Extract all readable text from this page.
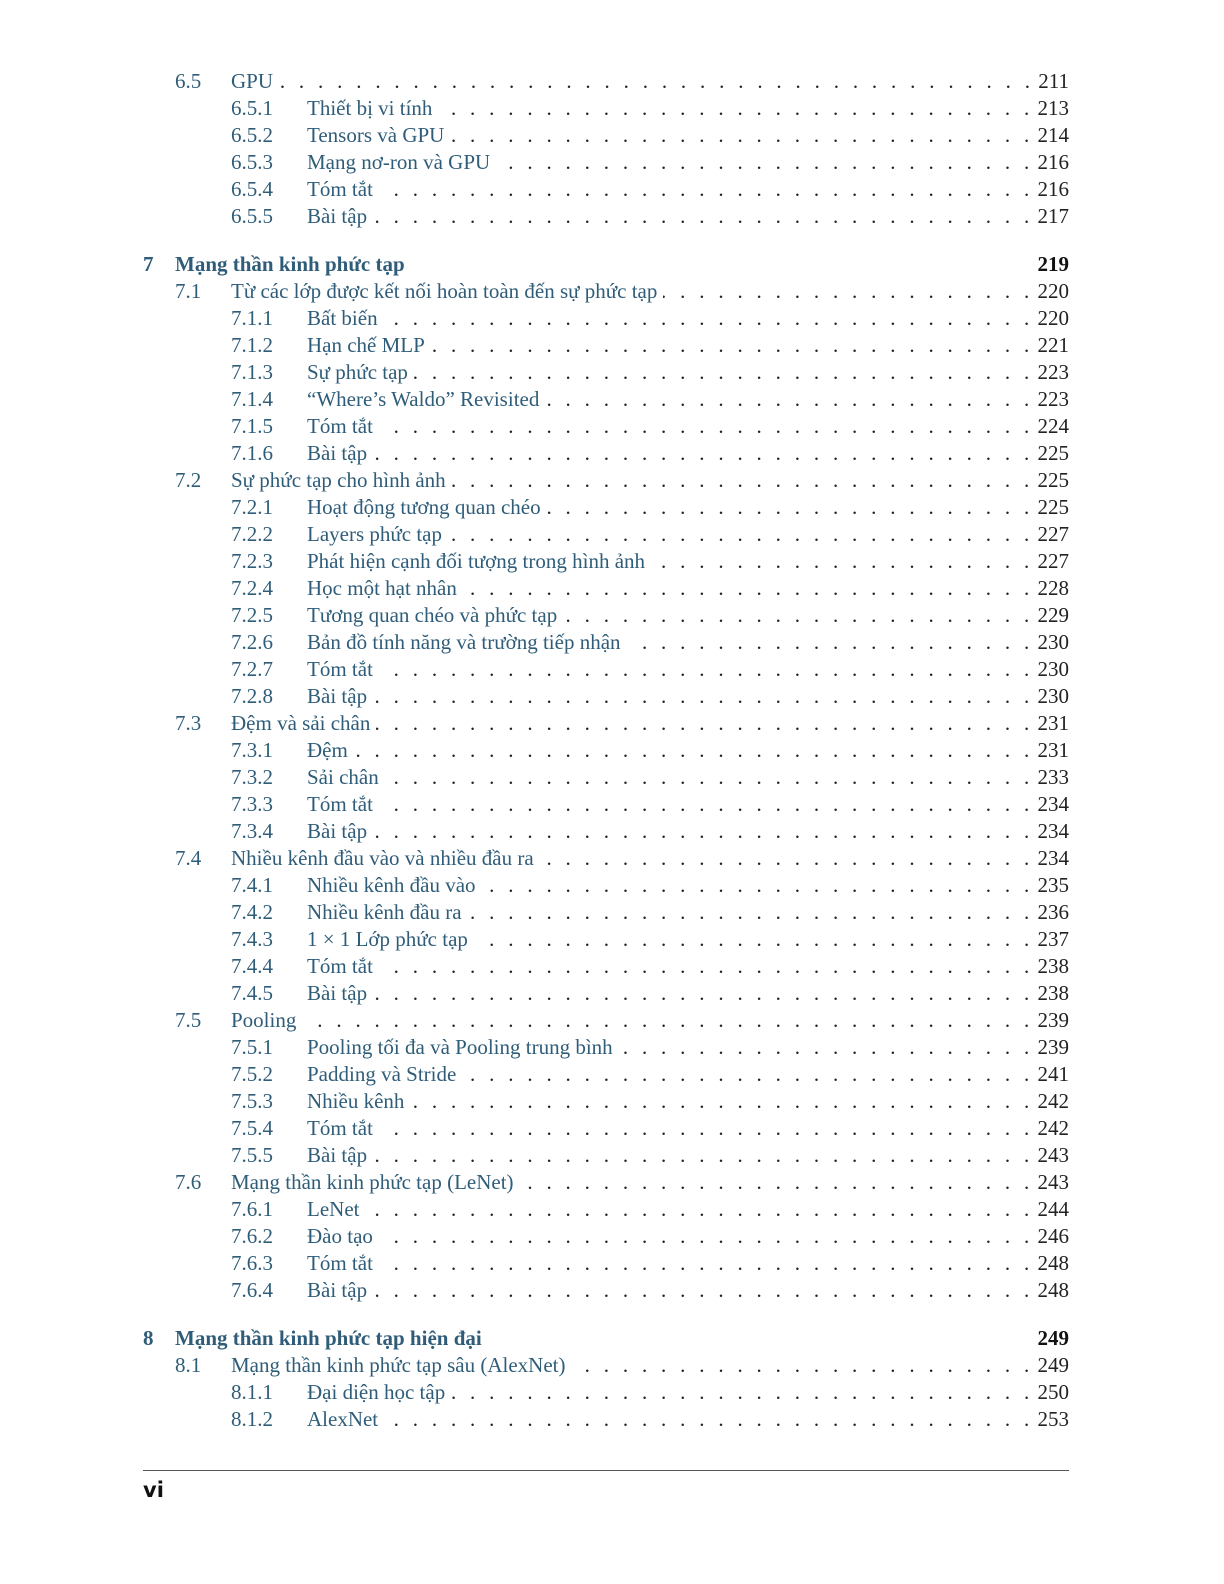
6.5 GPU . . .	211
6.5.1 Thiết bị vi tính . . .	213
6.5.2 Tensors và GPU . . .	214
6.5.3 Mạng nơ-ron và GPU . . .	216
6.5.4 Tóm tắt . . .	216
6.5.5 Bài tập . . .	217
7 Mạng thần kinh phức tạp	219
7.1 Từ các lớp được kết nối hoàn toàn đến sự phức tạp . . .	220
7.1.1 Bất biến . . .	220
7.1.2 Hạn chế MLP . . .	221
7.1.3 Sự phức tạp . . .	223
7.1.4 “Where’s Waldo” Revisited . . .	223
7.1.5 Tóm tắt . . .	224
7.1.6 Bài tập . . .	225
7.2 Sự phức tạp cho hình ảnh . . .	225
7.2.1 Hoạt động tương quan chéo . . .	225
7.2.2 Layers phức tạp . . .	227
7.2.3 Phát hiện cạnh đối tượng trong hình ảnh . . .	227
7.2.4 Học một hạt nhân . . .	228
7.2.5 Tương quan chéo và phức tạp . . .	229
7.2.6 Bản đồ tính năng và trường tiếp nhận . . .	230
7.2.7 Tóm tắt . . .	230
7.2.8 Bài tập . . .	230
7.3 Đệm và sải chân . . .	231
7.3.1 Đệm . . .	231
7.3.2 Sải chân . . .	233
7.3.3 Tóm tắt . . .	234
7.3.4 Bài tập . . .	234
7.4 Nhiều kênh đầu vào và nhiều đầu ra . . .	234
7.4.1 Nhiều kênh đầu vào . . .	235
7.4.2 Nhiều kênh đầu ra . . .	236
7.4.3 1 × 1 Lớp phức tạp . . .	237
7.4.4 Tóm tắt . . .	238
7.4.5 Bài tập . . .	238
7.5 Pooling . . .	239
7.5.1 Pooling tối đa và Pooling trung bình . . .	239
7.5.2 Padding và Stride . . .	241
7.5.3 Nhiều kênh . . .	242
7.5.4 Tóm tắt . . .	242
7.5.5 Bài tập . . .	243
7.6 Mạng thần kinh phức tạp (LeNet) . . .	243
7.6.1 LeNet . . .	244
7.6.2 Đào tạo . . .	246
7.6.3 Tóm tắt . . .	248
7.6.4 Bài tập . . .	248
8 Mạng thần kinh phức tạp hiện đại	249
8.1 Mạng thần kinh phức tạp sâu (AlexNet) . . .	249
8.1.1 Đại diện học tập . . .	250
8.1.2 AlexNet . . .	253
vi
